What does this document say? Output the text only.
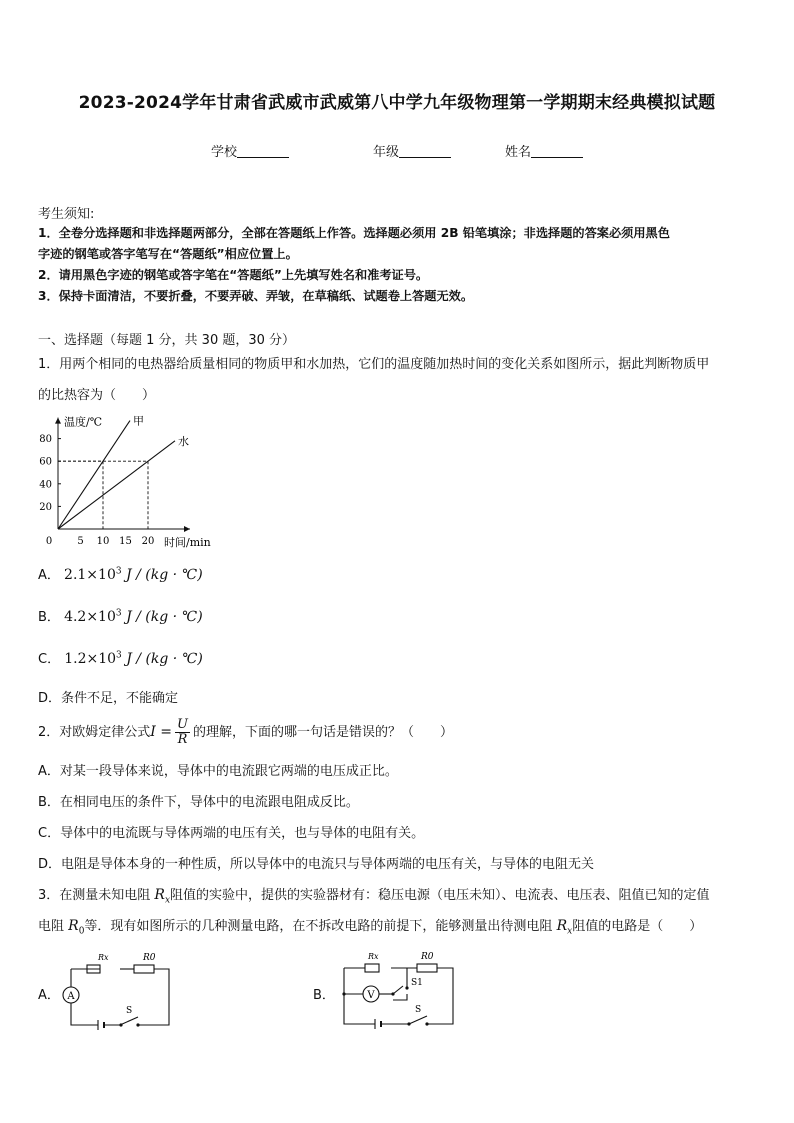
2023-2024学年甘肃省武威市武威第八中学九年级物理第一学期期末经典模拟试题
学校	年级	姓名
考生须知:
1．全卷分选择题和非选择题两部分，全部在答题纸上作答。选择题必须用 2B 铅笔填涂；非选择题的答案必须用黑色
字迹的钢笔或答字笔写在“答题纸”相应位置上。
2．请用黑色字迹的钢笔或答字笔在“答题纸”上先填写姓名和准考证号。
3．保持卡面清洁，不要折叠，不要弄破、弄皱，在草稿纸、试题卷上答题无效。
一、选择题（每题 1 分，共 30 题，30 分）
1．用两个相同的电热器给质量相同的物质甲和水加热，它们的温度随加热时间的变化关系如图所示，据此判断物质甲
的比热容为（　　）
0	5 10 15 20
20
40
60
80
温度/℃
时间/min
甲
水
A． $2.1\times 10^3$ J / (kg · ℃)
B． $4.2\times 10^3$ J / (kg · ℃)
C． $1.2\times 10^3$ J / (kg · ℃)
D．条件不足，不能确定
2．对欧姆定律公式$I = \frac{U}{R}$ 的理解，下面的哪一句话是错误的？（　　）
A．对某一段导体来说，导体中的电流跟它两端的电压成正比。
B．在相同电压的条件下，导体中的电流跟电阻成反比。
C．导体中的电流既与导体两端的电压有关，也与导体的电阻有关。
D．电阻是导体本身的一种性质，所以导体中的电流只与导体两端的电压有关，与导体的电阻无关
3．在测量未知电阻 $R_x$阻值的实验中，提供的实验器材有：稳压电源（电压未知）、电流表、电压表、阻值已知的定值
电阻 $R_0$等．现有如图所示的几种测量电路，在不拆改电路的前提下，能够测量出待测电阻 $R_x$阻值的电路是（　　）
A． A
Rx	R0
S
B．	V
Rx	R0
S1
S
